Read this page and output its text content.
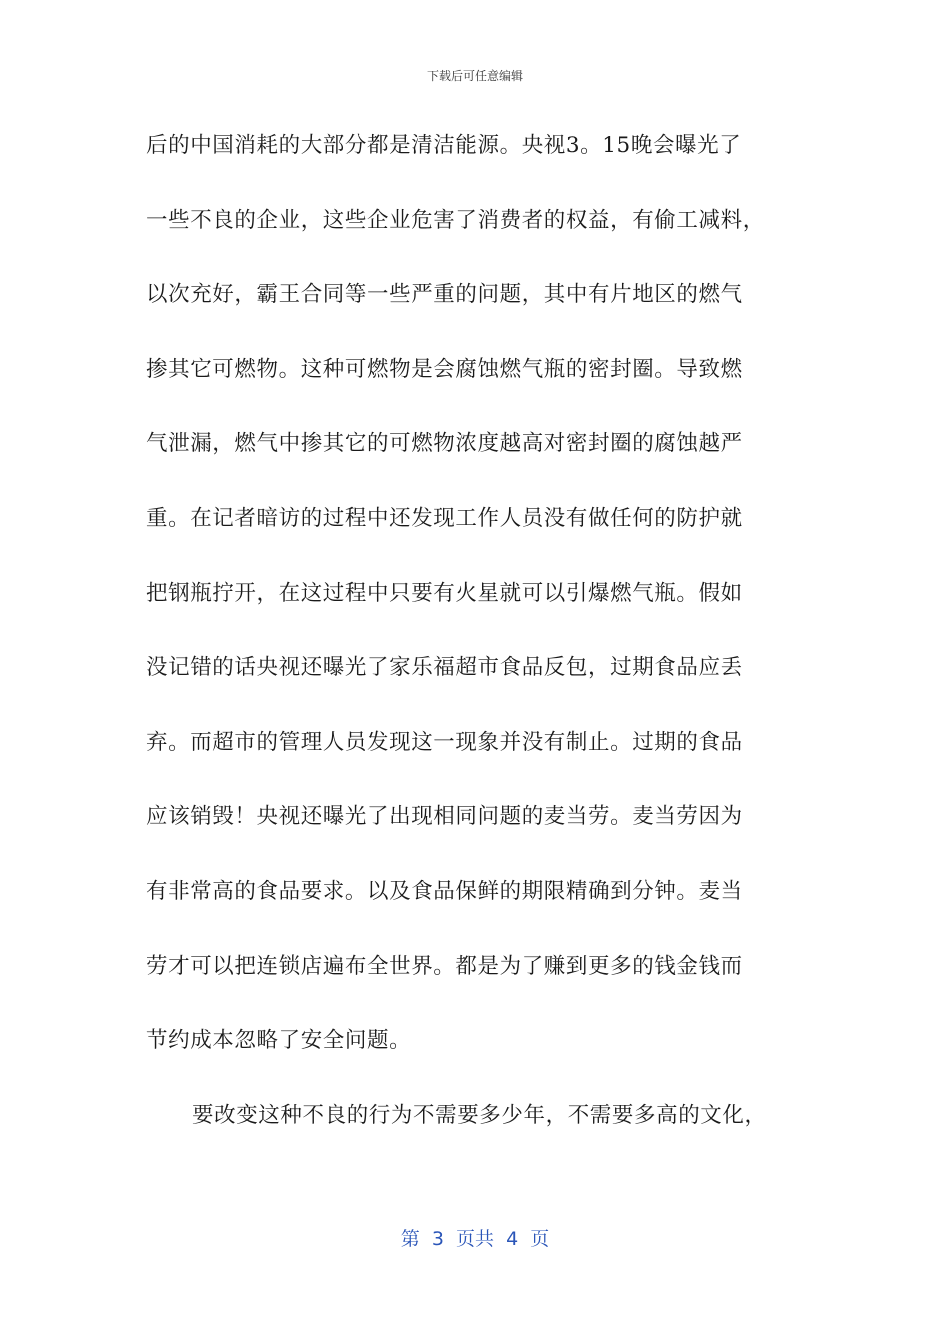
下载后可任意编辑
后的中国消耗的大部分都是清洁能源。央视3。15晚会曝光了
一些不良的企业，这些企业危害了消费者的权益，有偷工减料，
以次充好，霸王合同等一些严重的问题，其中有片地区的燃气
掺其它可燃物。这种可燃物是会腐蚀燃气瓶的密封圈。导致燃
气泄漏，燃气中掺其它的可燃物浓度越高对密封圈的腐蚀越严
重。在记者暗访的过程中还发现工作人员没有做任何的防护就
把钢瓶拧开，在这过程中只要有火星就可以引爆燃气瓶。假如
没记错的话央视还曝光了家乐福超市食品反包，过期食品应丢
弃。而超市的管理人员发现这一现象并没有制止。过期的食品
应该销毁！央视还曝光了出现相同问题的麦当劳。麦当劳因为
有非常高的食品要求。以及食品保鲜的期限精确到分钟。麦当
劳才可以把连锁店遍布全世界。都是为了赚到更多的钱金钱而
节约成本忽略了安全问题。
要改变这种不良的行为不需要多少年，不需要多高的文化，
第  3  页共  4  页
